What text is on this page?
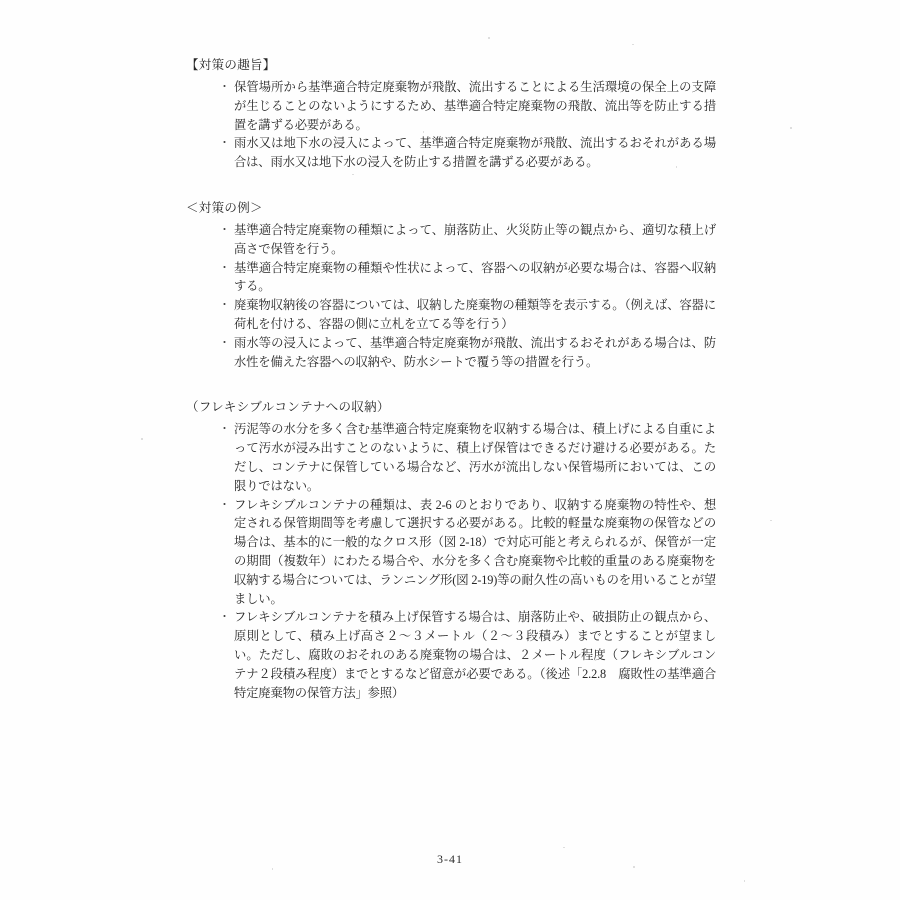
【対策の趣旨】
・ 保管場所から基準適合特定廃棄物が飛散、流出することによる生活環境の保全上の支障が生じることのないようにするため、基準適合特定廃棄物の飛散、流出等を防止する措置を講ずる必要がある。
・ 雨水又は地下水の浸入によって、基準適合特定廃棄物が飛散、流出するおそれがある場合は、雨水又は地下水の浸入を防止する措置を講ずる必要がある。
＜対策の例＞
・ 基準適合特定廃棄物の種類によって、崩落防止、火災防止等の観点から、適切な積上げ高さで保管を行う。
・ 基準適合特定廃棄物の種類や性状によって、容器への収納が必要な場合は、容器へ収納する。
・ 廃棄物収納後の容器については、収納した廃棄物の種類等を表示する。（例えば、容器に荷札を付ける、容器の側に立札を立てる等を行う）
・ 雨水等の浸入によって、基準適合特定廃棄物が飛散、流出するおそれがある場合は、防水性を備えた容器への収納や、防水シートで覆う等の措置を行う。
（フレキシブルコンテナへの収納）
・ 汚泥等の水分を多く含む基準適合特定廃棄物を収納する場合は、積上げによる自重によって汚水が浸み出すことのないように、積上げ保管はできるだけ避ける必要がある。ただし、コンテナに保管している場合など、汚水が流出しない保管場所においては、この限りではない。
・ フレキシブルコンテナの種類は、表 2-6 のとおりであり、収納する廃棄物の特性や、想定される保管期間等を考慮して選択する必要がある。比較的軽量な廃棄物の保管などの場合は、基本的に一般的なクロス形（図 2-18）で対応可能と考えられるが、保管が一定の期間（複数年）にわたる場合や、水分を多く含む廃棄物や比較的重量のある廃棄物を収納する場合については、ランニング形(図 2-19)等の耐久性の高いものを用いることが望ましい。
・ フレキシブルコンテナを積み上げ保管する場合は、崩落防止や、破損防止の観点から、原則として、積み上げ高さ２～３メートル（２～３段積み）までとすることが望ましい。ただし、腐敗のおそれのある廃棄物の場合は、２メートル程度（フレキシブルコンテナ２段積み程度）までとするなど留意が必要である。（後述「2.2.8　腐敗性の基準適合特定廃棄物の保管方法」参照）
3-41
